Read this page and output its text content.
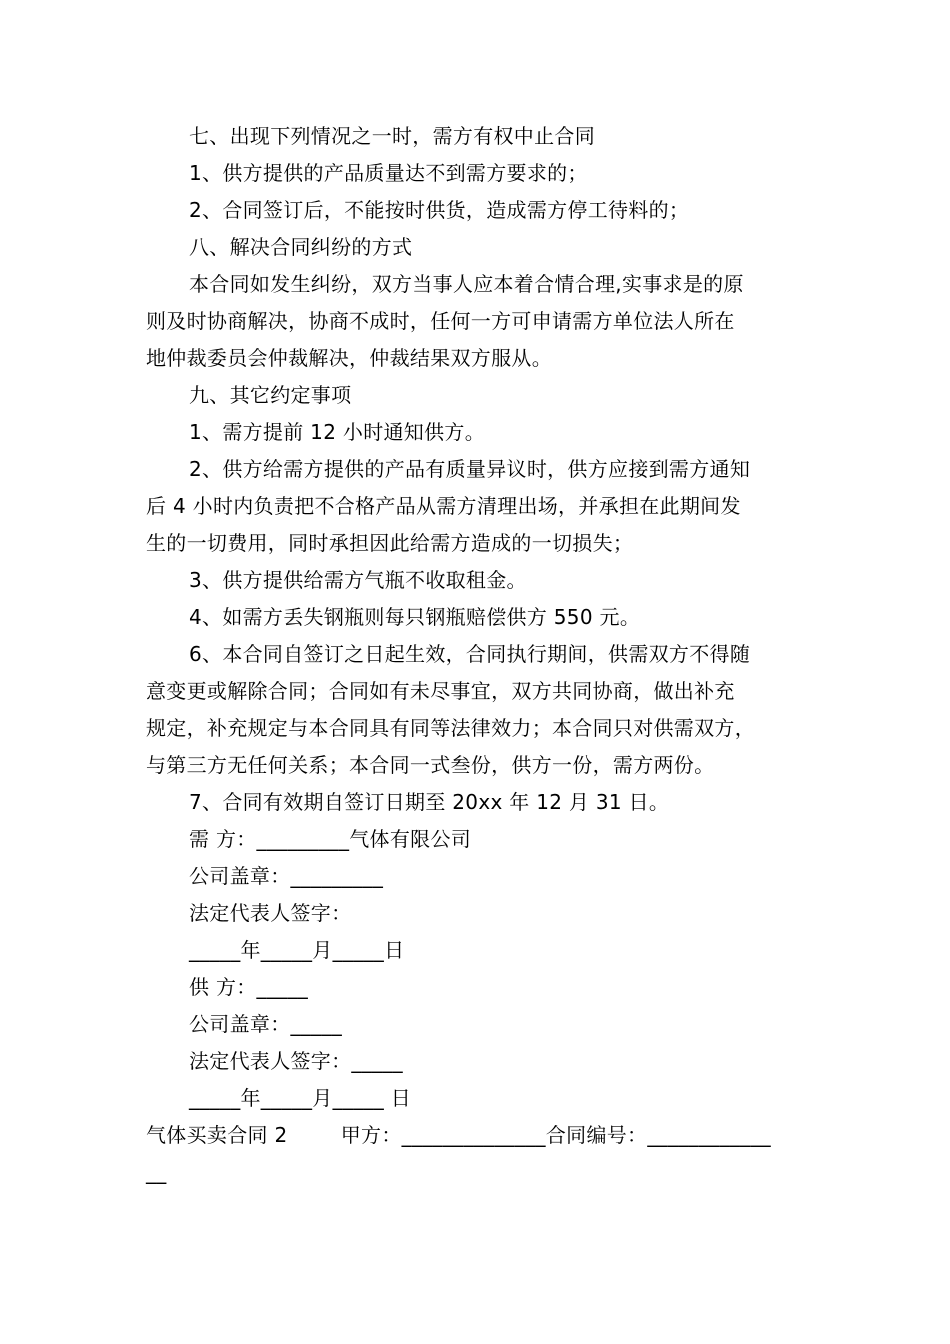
七、出现下列情况之一时，需方有权中止合同

1、供方提供的产品质量达不到需方要求的；

2、合同签订后，不能按时供货，造成需方停工待料的；

八、解决合同纠纷的方式

本合同如发生纠纷，双方当事人应本着合情合理,实事求是的原
则及时协商解决，协商不成时，任何一方可申请需方单位法人所在
地仲裁委员会仲裁解决，仲裁结果双方服从。

九、其它约定事项

1、需方提前 12 小时通知供方。

2、供方给需方提供的产品有质量异议时，供方应接到需方通知
后 4 小时内负责把不合格产品从需方清理出场，并承担在此期间发
生的一切费用，同时承担因此给需方造成的一切损失；

3、供方提供给需方气瓶不收取租金。

4、如需方丢失钢瓶则每只钢瓶赔偿供方 550 元。

6、本合同自签订之日起生效，合同执行期间，供需双方不得随
意变更或解除合同；合同如有未尽事宜，双方共同协商，做出补充
规定，补充规定与本合同具有同等法律效力；本合同只对供需双方，
与第三方无任何关系；本合同一式叁份，供方一份，需方两份。

7、合同有效期自签订日期至 20xx 年 12 月 31 日。

需 方：_________气体有限公司

公司盖章：_________

法定代表人签字：

_____年_____月_____日

供 方：_____

公司盖章：_____

法定代表人签字：_____

_____年_____月_____ 日

气体买卖合同 2        甲方：______________合同编号：____________

__
